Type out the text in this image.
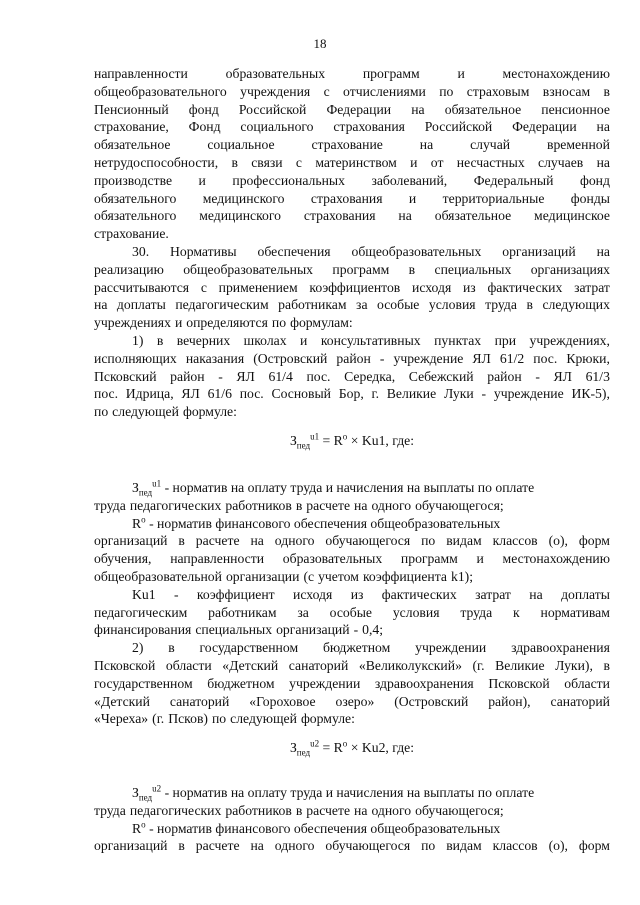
18
направленности	образовательных	программ	и	местонахождению
общеобразовательного учреждения с отчислениями по страховым взносам в
Пенсионный фонд Российской Федерации на обязательное пенсионное
страхование, Фонд социального страхования Российской Федерации на
обязательное	социальное	страхование	на	случай	временной
нетрудоспособности, в связи с материнством и от несчастных случаев на
производстве и профессиональных заболеваний, Федеральный фонд
обязательного медицинского страхования и территориальные фонды
обязательного медицинского страхования на обязательное медицинское
страхование.
30. Нормативы обеспечения общеобразовательных организаций на
реализацию общеобразовательных программ в специальных организациях
рассчитываются с применением коэффициентов исходя из фактических затрат
на доплаты педагогическим работникам за особые условия труда в следующих
учреждениях и определяются по формулам:
1) в вечерних школах и консультативных пунктах при учреждениях,
исполняющих наказания (Островский район - учреждение ЯЛ 61/2 пос. Крюки,
Псковский район - ЯЛ 61/4 пос. Середка, Себежский район - ЯЛ 61/3
пос. Идрица, ЯЛ 61/6 пос. Сосновый Бор, г. Великие Луки - учреждение ИК-5),
по следующей формуле:
$З_{пед}^{u1} = R^o \times Ku1$, где:
$З_{пед}^{u1}$ - норматив на оплату труда и начисления на выплаты по оплате
труда педагогических работников в расчете на одного обучающегося;
$R^o$ - норматив финансового обеспечения общеобразовательных
организаций в расчете на одного обучающегося по видам классов (о), форм
обучения, направленности образовательных программ и местонахождению
общеобразовательной организации (с учетом коэффициента k1);
Ku1 - коэффициент исходя из фактических затрат на доплаты
педагогическим работникам за особые условия труда к нормативам
финансирования специальных организаций - 0,4;
2) в государственном бюджетном учреждении здравоохранения
Псковской области «Детский санаторий «Великолукский» (г. Великие Луки), в
государственном бюджетном учреждении здравоохранения Псковской области
«Детский санаторий «Гороховое озеро» (Островский район), санаторий
«Череха» (г. Псков) по следующей формуле:
$З_{пед}^{u2} = R^o \times Ku2$, где:
$З_{пед}^{u2}$ - норматив на оплату труда и начисления на выплаты по оплате
труда педагогических работников в расчете на одного обучающегося;
$R^o$ - норматив финансового обеспечения общеобразовательных
организаций в расчете на одного обучающегося по видам классов (о), форм
